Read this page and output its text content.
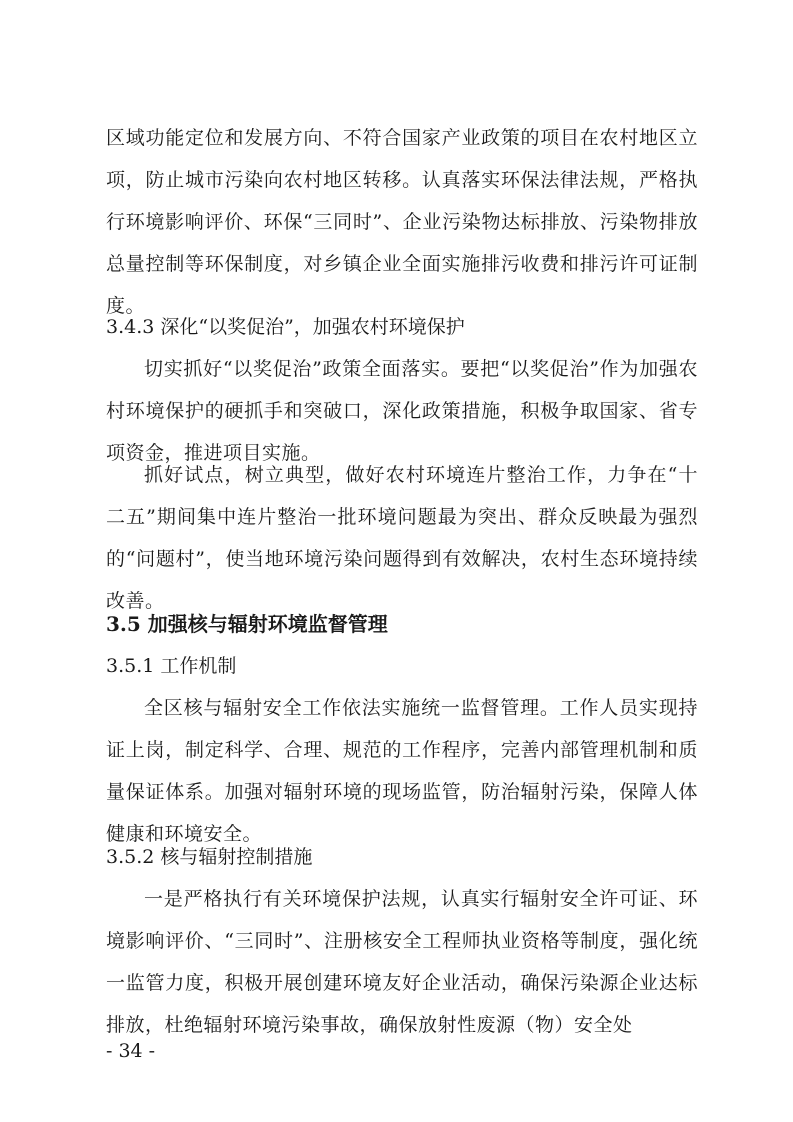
区域功能定位和发展方向、不符合国家产业政策的项目在农村地区立项，防止城市污染向农村地区转移。认真落实环保法律法规，严格执行环境影响评价、环保“三同时”、企业污染物达标排放、污染物排放总量控制等环保制度，对乡镇企业全面实施排污收费和排污许可证制度。

3.4.3 深化“以奖促治”，加强农村环境保护

切实抓好“以奖促治”政策全面落实。要把“以奖促治”作为加强农村环境保护的硬抓手和突破口，深化政策措施，积极争取国家、省专项资金，推进项目实施。

抓好试点，树立典型，做好农村环境连片整治工作，力争在“十二五”期间集中连片整治一批环境问题最为突出、群众反映最为强烈的“问题村”，使当地环境污染问题得到有效解决，农村生态环境持续改善。

3.5 加强核与辐射环境监督管理

3.5.1 工作机制

全区核与辐射安全工作依法实施统一监督管理。工作人员实现持证上岗，制定科学、合理、规范的工作程序，完善内部管理机制和质量保证体系。加强对辐射环境的现场监管，防治辐射污染，保障人体健康和环境安全。

3.5.2 核与辐射控制措施

一是严格执行有关环境保护法规，认真实行辐射安全许可证、环境影响评价、“三同时”、注册核安全工程师执业资格等制度，强化统一监管力度，积极开展创建环境友好企业活动，确保污染源企业达标排放，杜绝辐射环境污染事故，确保放射性废源（物）安全处

- 34 -
